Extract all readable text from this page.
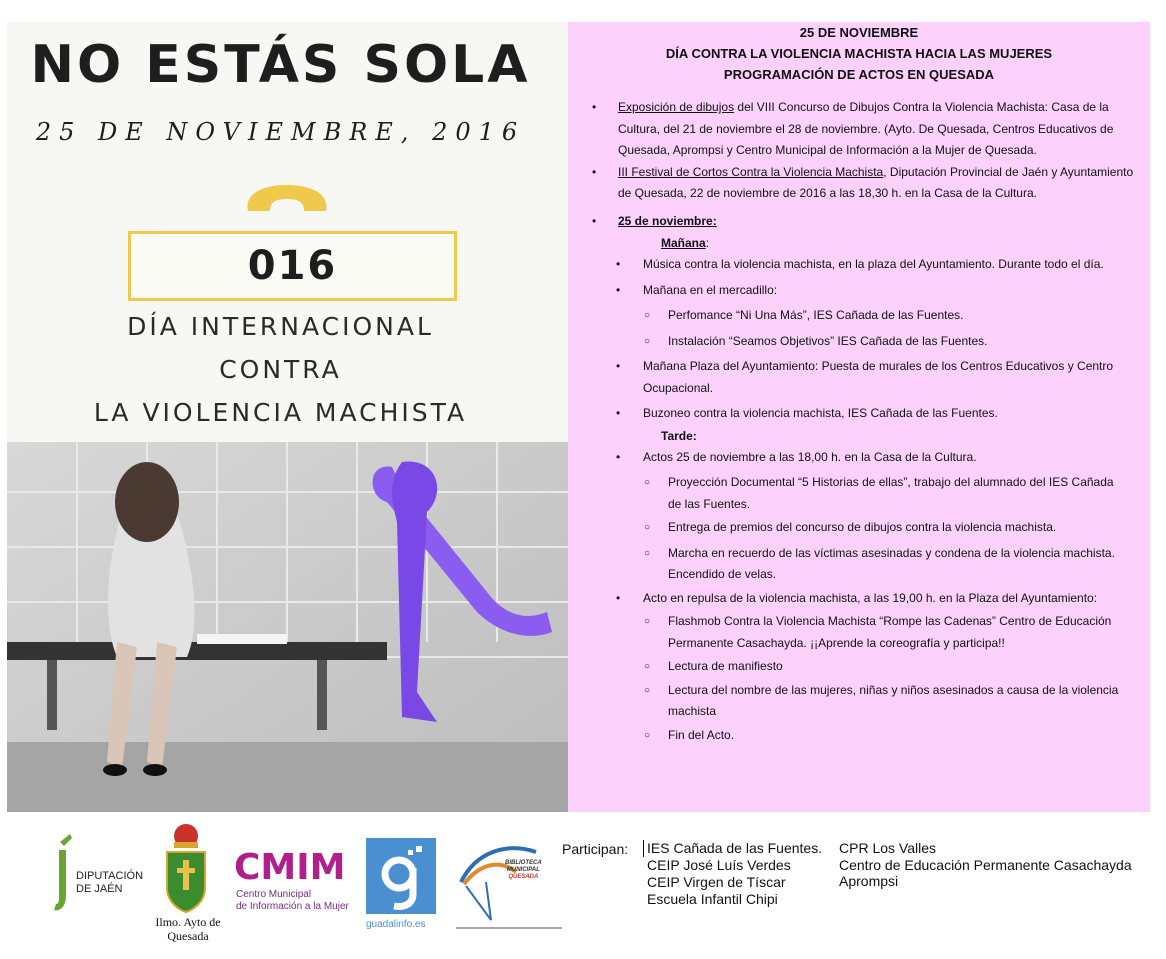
NO ESTÁS SOLA
25 DE NOVIEMBRE, 2016
016
DÍA INTERNACIONAL
CONTRA
LA VIOLENCIA MACHISTA
25 DE NOVIEMBRE
DÍA CONTRA LA VIOLENCIA MACHISTA HACIA LAS MUJERES
PROGRAMACIÓN DE ACTOS EN QUESADA
• Exposición de dibujos del VIII Concurso de Dibujos Contra la Violencia Machista: Casa de la Cultura, del 21 de noviembre el 28 de noviembre. (Ayto. De Quesada, Centros Educativos de Quesada, Aprompsi y Centro Municipal de Información a la Mujer de Quesada.
• III Festival de Cortos Contra la Violencia Machista, Diputación Provincial de Jaén y Ayuntamiento de Quesada, 22 de noviembre de 2016 a las 18,30 h. en la Casa de la Cultura.
• 25 de noviembre:
Mañana:
• Música contra la violencia machista, en la plaza del Ayuntamiento. Durante todo el día.
• Mañana en el mercadillo:
○ Perfomance “Ni Una Más”, IES Cañada de las Fuentes.
○ Instalación “Seamos Objetivos” IES Cañada de las Fuentes.
• Mañana Plaza del Ayuntamiento: Puesta de murales de los Centros Educativos y Centro Ocupacional.
• Buzoneo contra la violencia machista, IES Cañada de las Fuentes.
Tarde:
• Actos 25 de noviembre a las 18,00 h. en la Casa de la Cultura.
○ Proyección Documental “5 Historias de ellas”, trabajo del alumnado del IES Cañada de las Fuentes.
○ Entrega de premios del concurso de dibujos contra la violencia machista.
○ Marcha en recuerdo de las víctimas asesinadas y condena de la violencia machista. Encendido de velas.
• Acto en repulsa de la violencia machista, a las 19,00 h. en la Plaza del Ayuntamiento:
○ Flashmob Contra la Violencia Machista “Rompe las Cadenas” Centro de Educación Permanente Casachayda. ¡¡Aprende la coreografía y participa!!
○ Lectura de manifiesto
○ Lectura del nombre de las mujeres, niñas y niños asesinados a causa de la violencia machista
○ Fin del Acto.
DIPUTACIÓN
DE JAÉN
Ilmo. Ayto de
Quesada
CMIM
Centro Municipal
de Información a la Mujer
guadalinfo.es
BIBLIOTECA
MUNICIPAL
QUESADA
Participan: IES Cañada de las Fuentes.
CEIP José Luís Verdes
CEIP Virgen de Tíscar
Escuela Infantil Chipi
CPR Los Valles
Centro de Educación Permanente Casachayda
Aprompsi
